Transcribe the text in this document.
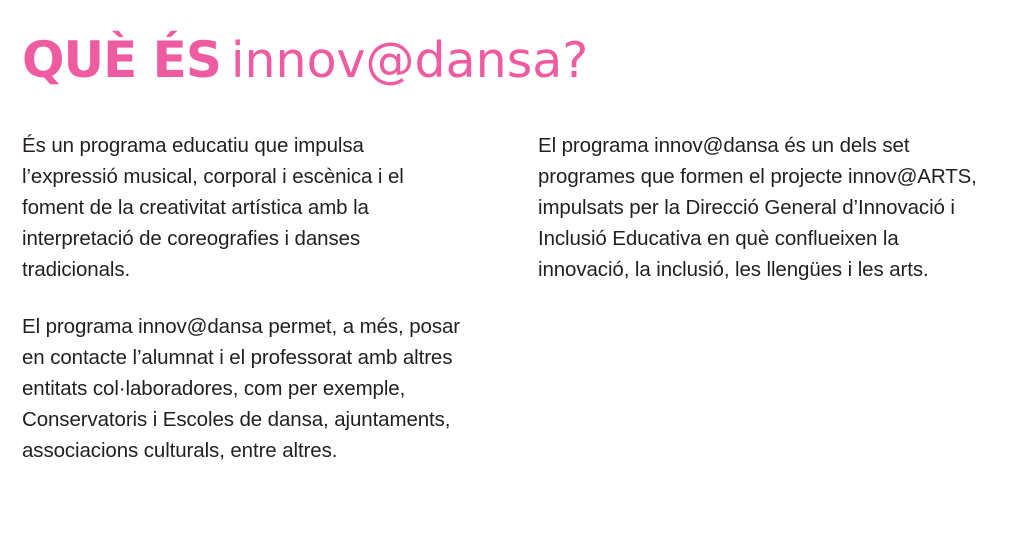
QUÈ ÉS innov@dansa?

És un programa educatiu que impulsa l’expressió musical, corporal i escènica i el foment de la creativitat artística amb la interpretació de coreografies i danses tradicionals.

El programa innov@dansa permet, a més, posar en contacte l’alumnat i el professorat amb altres entitats col·laboradores, com per exemple, Conservatoris i Escoles de dansa, ajuntaments, associacions culturals, entre altres.

El programa innov@dansa és un dels set programes que formen el projecte innov@ARTS, impulsats per la Direcció General d’Innovació i Inclusió Educativa en què conflueixen la innovació, la inclusió, les llengües i les arts.
